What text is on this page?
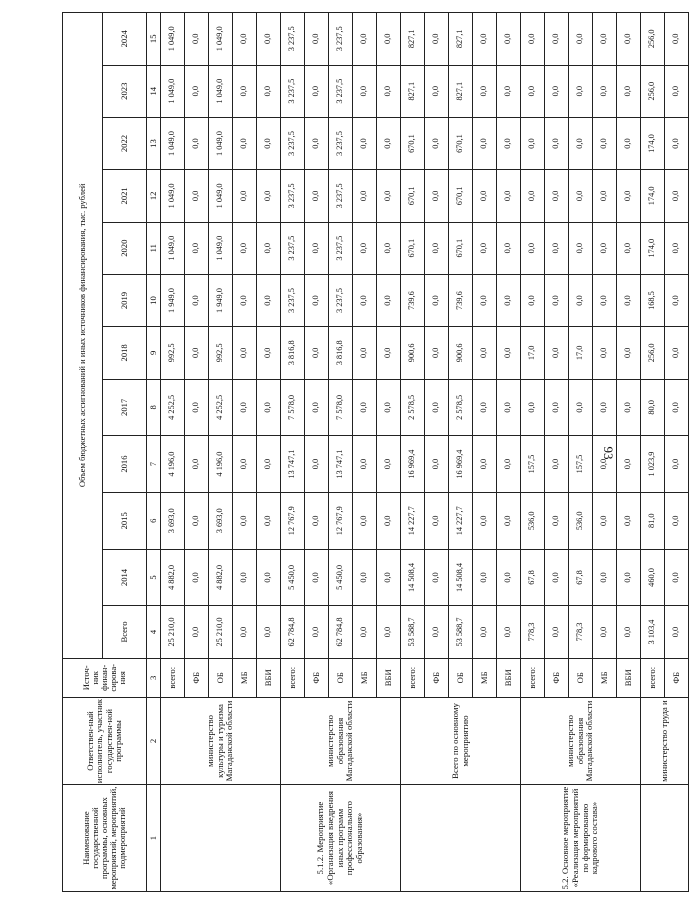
93
Наименование государственной программы, основных мероприятий, мероприятий, подмероприятий	Ответствен-ный исполнитель, участник государствен-ной программы	Источ-ник финан-сирова-ния	Объем бюджетных ассигнований и иных источников финансирования, тыс. рублей											
			Всего	2014	2015	2016	2017	2018	2019	2020	2021	2022	2023	2024
1	2	3	4	5	6	7	8	9	10	11	12	13	14	15
	министерство культуры и туризма Магаданской области	всего:	25 210,0	4 882,0	3 693,0	4 196,0	4 252,5	992,5	1 949,0	1 049,0	1 049,0	1 049,0	1 049,0	1 049,0
		ФБ	0,0	0,0	0,0	0,0	0,0	0,0	0,0	0,0	0,0	0,0	0,0	0,0
		ОБ	25 210,0	4 882,0	3 693,0	4 196,0	4 252,5	992,5	1 949,0	1 049,0	1 049,0	1 049,0	1 049,0	1 049,0
		МБ	0,0	0,0	0,0	0,0	0,0	0,0	0,0	0,0	0,0	0,0	0,0	0,0
		ВБИ	0,0	0,0	0,0	0,0	0,0	0,0	0,0	0,0	0,0	0,0	0,0	0,0
5.1.2. Мероприятие «Организация внедрения иных программ профессионального образования»	министерство образования Магаданской области	всего:	62 784,8	5 450,0	12 767,9	13 747,1	7 578,0	3 816,8	3 237,5	3 237,5	3 237,5	3 237,5	3 237,5	3 237,5
		ФБ	0,0	0,0	0,0	0,0	0,0	0,0	0,0	0,0	0,0	0,0	0,0	0,0
		ОБ	62 784,8	5 450,0	12 767,9	13 747,1	7 578,0	3 816,8	3 237,5	3 237,5	3 237,5	3 237,5	3 237,5	3 237,5
		МБ	0,0	0,0	0,0	0,0	0,0	0,0	0,0	0,0	0,0	0,0	0,0	0,0
		ВБИ	0,0	0,0	0,0	0,0	0,0	0,0	0,0	0,0	0,0	0,0	0,0	0,0
	Всего по основному мероприятию	всего:	53 588,7	14 508,4	14 227,7	16 969,4	2 578,5	900,6	739,6	670,1	670,1	670,1	827,1	827,1
		ФБ	0,0	0,0	0,0	0,0	0,0	0,0	0,0	0,0	0,0	0,0	0,0	0,0
		ОБ	53 588,7	14 508,4	14 227,7	16 969,4	2 578,5	900,6	739,6	670,1	670,1	670,1	827,1	827,1
		МБ	0,0	0,0	0,0	0,0	0,0	0,0	0,0	0,0	0,0	0,0	0,0	0,0
		ВБИ	0,0	0,0	0,0	0,0	0,0	0,0	0,0	0,0	0,0	0,0	0,0	0,0
5.2. Основное мероприятие «Реализация мероприятий по формированию кадрового состава»	министерство образования Магаданской области	всего:	778,3	67,8	536,0	157,5	0,0	17,0	0,0	0,0	0,0	0,0	0,0	0,0
		ФБ	0,0	0,0	0,0	0,0	0,0	0,0	0,0	0,0	0,0	0,0	0,0	0,0
		ОБ	778,3	67,8	536,0	157,5	0,0	17,0	0,0	0,0	0,0	0,0	0,0	0,0
		МБ	0,0	0,0	0,0	0,0	0,0	0,0	0,0	0,0	0,0	0,0	0,0	0,0
		ВБИ	0,0	0,0	0,0	0,0	0,0	0,0	0,0	0,0	0,0	0,0	0,0	0,0
	министерство труда и	всего:	3 103,4	460,0	81,0	1 023,9	80,0	256,0	168,5	174,0	174,0	174,0	256,0	256,0
		ФБ	0,0	0,0	0,0	0,0	0,0	0,0	0,0	0,0	0,0	0,0	0,0	0,0
